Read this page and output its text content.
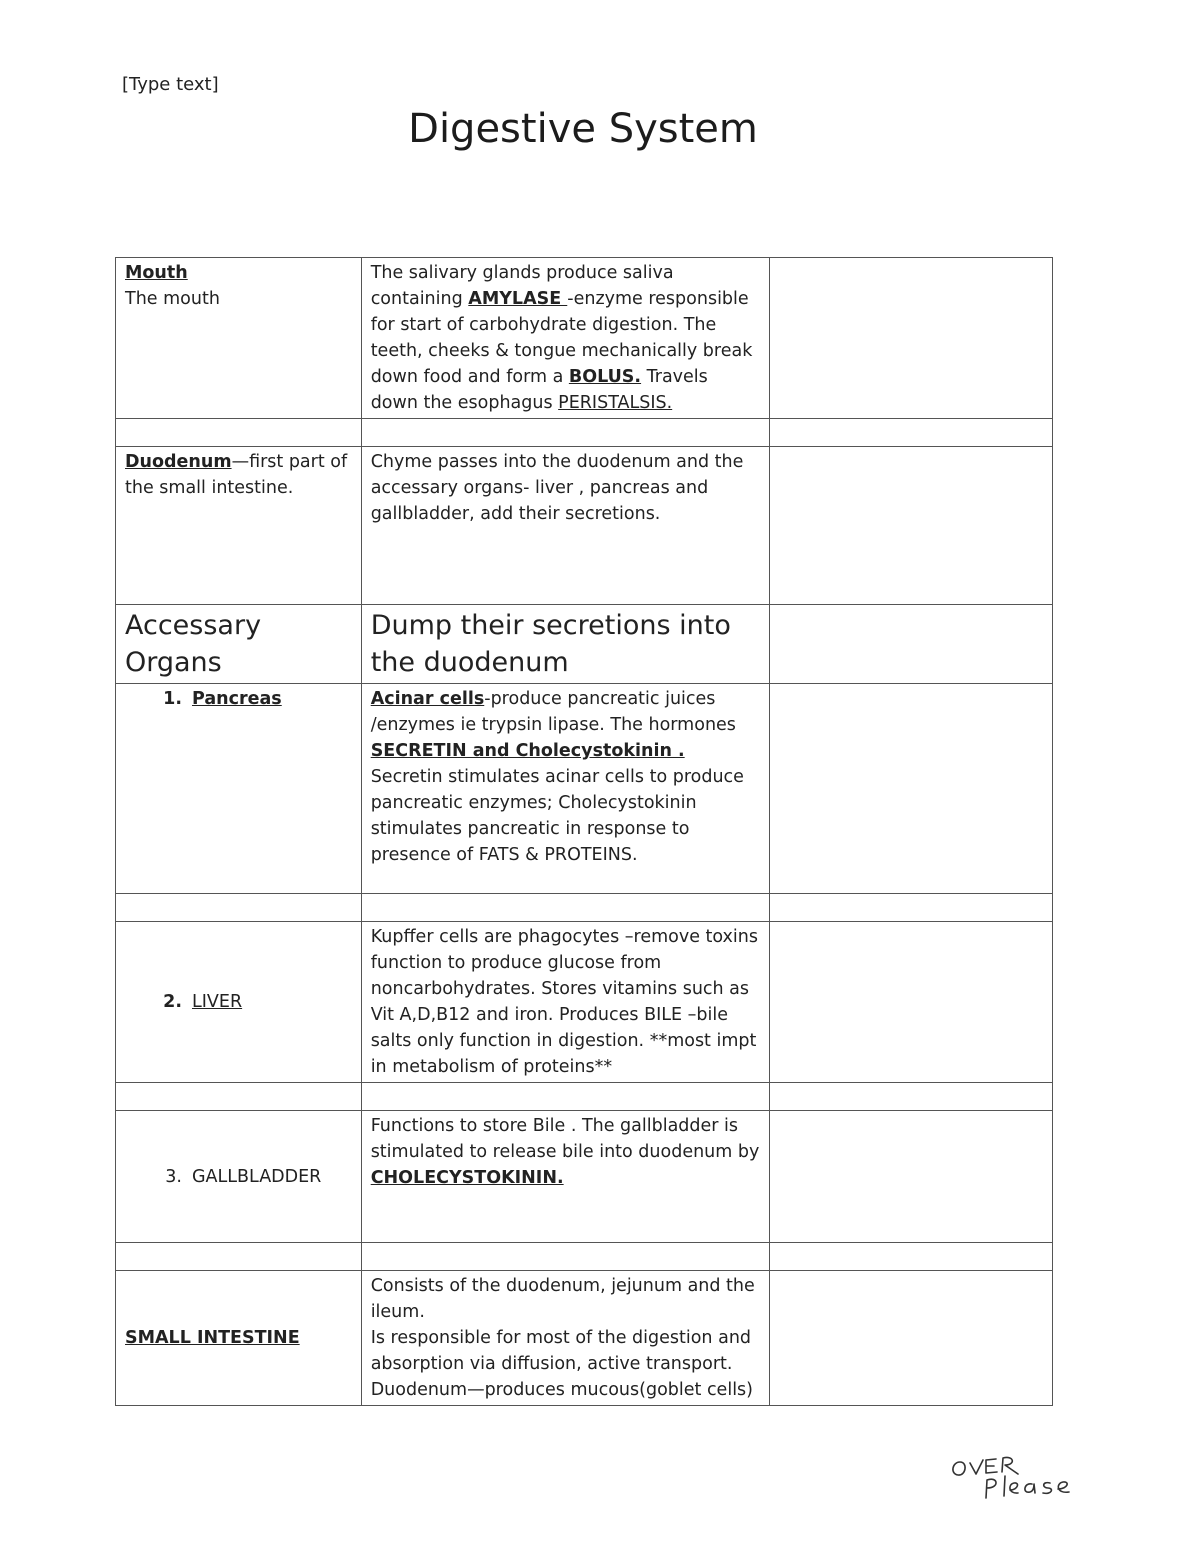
[Type text]
Digestive System
Mouth
The mouth	The salivary glands produce saliva containing AMYLASE -enzyme responsible for start of carbohydrate digestion. The teeth, cheeks & tongue mechanically break down food and form a BOLUS. Travels down the esophagus PERISTALSIS.	

Duodenum—first part of the small intestine.	Chyme passes into the duodenum and the accessary organs- liver , pancreas and gallbladder, add their secretions.	
Accessary Organs	Dump their secretions into the duodenum	
1. Pancreas	Acinar cells-produce pancreatic juices /enzymes ie trypsin lipase. The hormones SECRETIN and Cholecystokinin . Secretin stimulates acinar cells to produce pancreatic enzymes; Cholecystokinin stimulates pancreatic in response to presence of FATS & PROTEINS.	

2. LIVER	Kupffer cells are phagocytes –remove toxins function to produce glucose from noncarbohydrates. Stores vitamins such as Vit A,D,B12 and iron. Produces BILE –bile salts only function in digestion. **most impt in metabolism of proteins**	

3. GALLBLADDER	Functions to store Bile . The gallbladder is stimulated to release bile into duodenum by CHOLECYSTOKININ.	

SMALL INTESTINE	Consists of the duodenum, jejunum and the ileum.
Is responsible for most of the digestion and absorption via diffusion, active transport.
Duodenum—produces mucous(goblet cells)	
